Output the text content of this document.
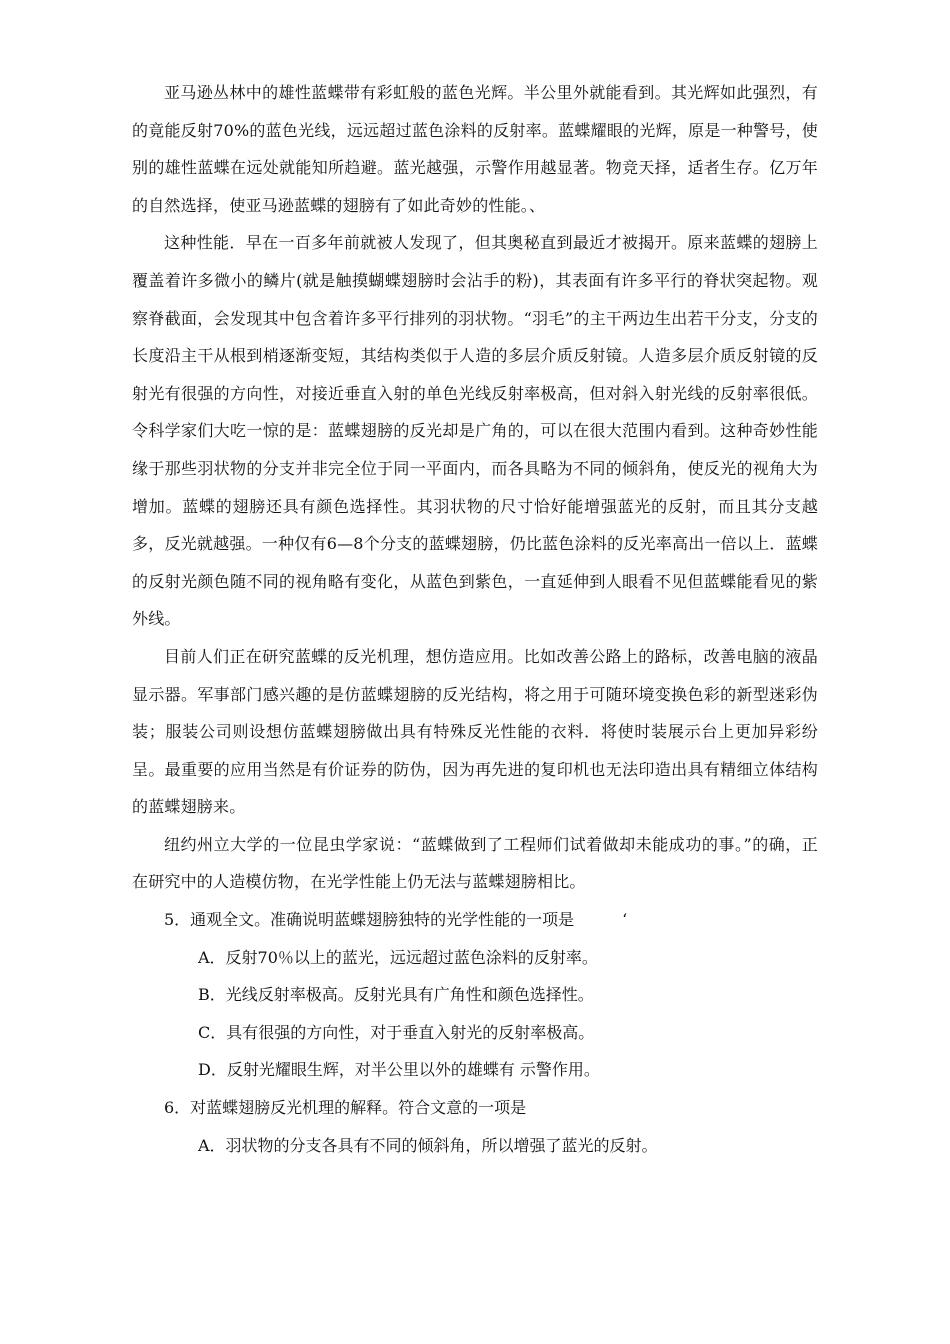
亚马逊丛林中的雄性蓝蝶带有彩虹般的蓝色光辉。半公里外就能看到。其光辉如此强烈，有的竟能反射70%的蓝色光线，远远超过蓝色涂料的反射率。蓝蝶耀眼的光辉，原是一种警号，使别的雄性蓝蝶在远处就能知所趋避。蓝光越强，示警作用越显著。物竞天择，适者生存。亿万年的自然选择，使亚马逊蓝蝶的翅膀有了如此奇妙的性能。、

这种性能．早在一百多年前就被人发现了，但其奥秘直到最近才被揭开。原来蓝蝶的翅膀上覆盖着许多微小的鳞片(就是触摸蝴蝶翅膀时会沾手的粉)，其表面有许多平行的脊状突起物。观察脊截面，会发现其中包含着许多平行排列的羽状物。“羽毛”的主干两边生出若干分支，分支的长度沿主干从根到梢逐渐变短，其结构类似于人造的多层介质反射镜。人造多层介质反射镜的反射光有很强的方向性，对接近垂直入射的单色光线反射率极高，但对斜入射光线的反射率很低。令科学家们大吃一惊的是：蓝蝶翅膀的反光却是广角的，可以在很大范围内看到。这种奇妙性能缘于那些羽状物的分支并非完全位于同一平面内，而各具略为不同的倾斜角，使反光的视角大为增加。蓝蝶的翅膀还具有颜色选择性。其羽状物的尺寸恰好能增强蓝光的反射，而且其分支越多，反光就越强。一种仅有6—8个分支的蓝蝶翅膀，仍比蓝色涂料的反光率高出一倍以上．蓝蝶的反射光颜色随不同的视角略有变化，从蓝色到紫色，一直延伸到人眼看不见但蓝蝶能看见的紫外线。

目前人们正在研究蓝蝶的反光机理，想仿造应用。比如改善公路上的路标，改善电脑的液晶显示器。军事部门感兴趣的是仿蓝蝶翅膀的反光结构，将之用于可随环境变换色彩的新型迷彩伪装；服装公司则设想仿蓝蝶翅膀做出具有特殊反光性能的衣料．将使时装展示台上更加异彩纷呈。最重要的应用当然是有价证券的防伪，因为再先进的复印机也无法印造出具有精细立体结构的蓝蝶翅膀来。

纽约州立大学的一位昆虫学家说：“蓝蝶做到了工程师们试着做却未能成功的事。”的确，正在研究中的人造模仿物，在光学性能上仍无法与蓝蝶翅膀相比。

5．通观全文。准确说明蓝蝶翅膀独特的光学性能的一项是　　　‘

A．反射70％以上的蓝光，远远超过蓝色涂料的反射率。

B．光线反射率极高。反射光具有广角性和颜色选择性。

C．具有很强的方向性，对于垂直入射光的反射率极高。

D．反射光耀眼生辉，对半公里以外的雄蝶有 示警作用。

6．对蓝蝶翅膀反光机理的解释。符合文意的一项是

A．羽状物的分支各具有不同的倾斜角，所以增强了蓝光的反射。
